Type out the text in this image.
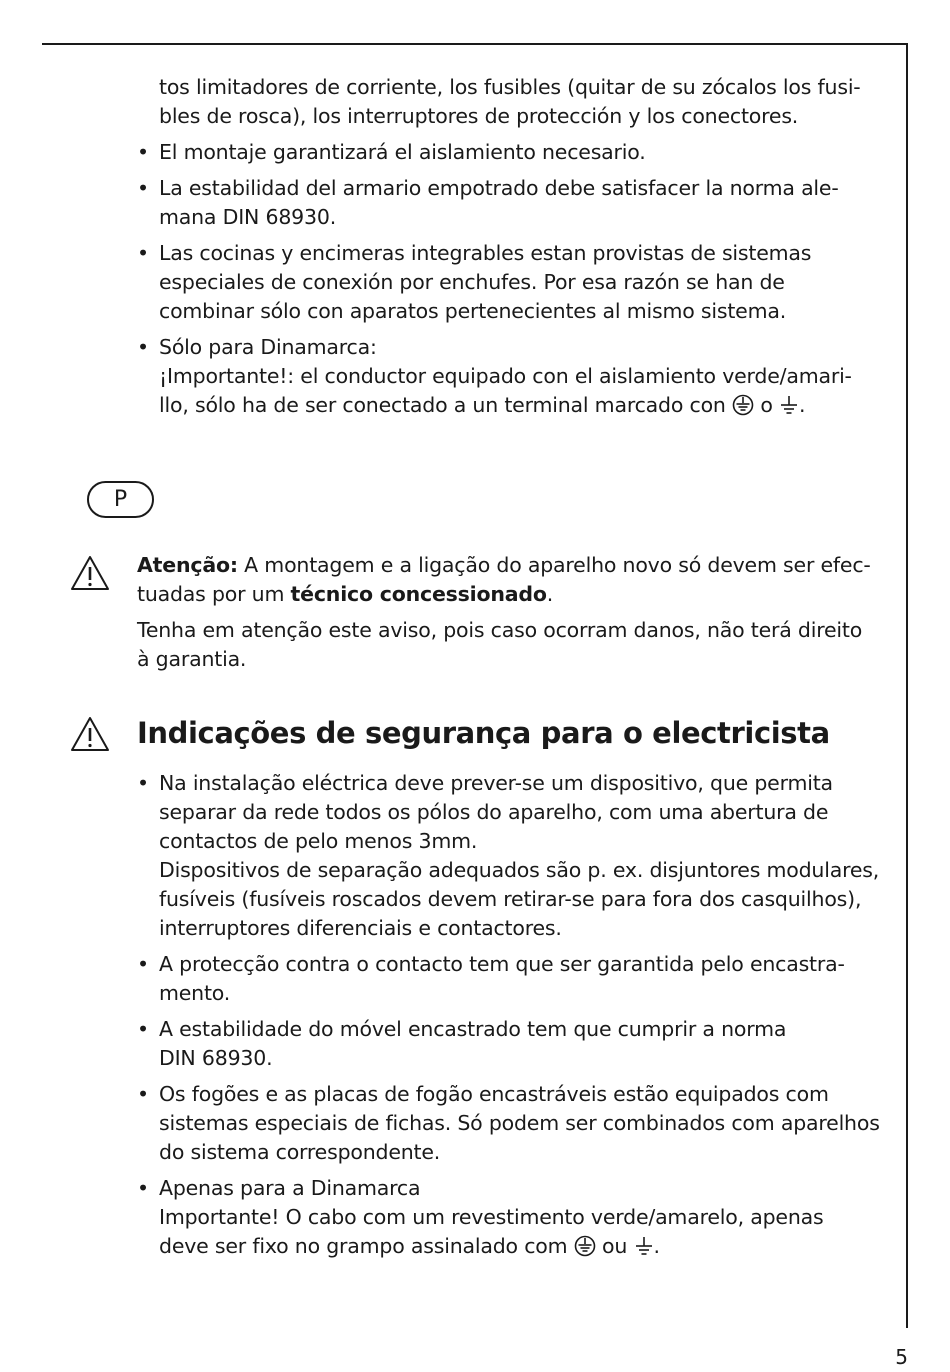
tos limitadores de corriente, los fusibles (quitar de su zócalos los fusi-
bles de rosca), los interruptores de protección y los conectores.
• El montaje garantizará el aislamiento necesario.
• La estabilidad del armario empotrado debe satisfacer la norma ale-
mana DIN 68930.
• Las cocinas y encimeras integrables estan provistas de sistemas
especiales de conexión por enchufes. Por esa razón se han de
combinar sólo con aparatos pertenecientes al mismo sistema.
• Sólo para Dinamarca:
¡Importante!: el conductor equipado con el aislamiento verde/amari-
llo, sólo ha de ser conectado a un terminal marcado con o .
P
Atenção: A montagem e a ligação do aparelho novo só devem ser efec-
tuadas por um técnico concessionado.
Tenha em atenção este aviso, pois caso ocorram danos, não terá direito
à garantia.
Indicações de segurança para o electricista
• Na instalação eléctrica deve prever-se um dispositivo, que permita
separar da rede todos os pólos do aparelho, com uma abertura de
contactos de pelo menos 3mm.
Dispositivos de separação adequados são p. ex. disjuntores modulares,
fusíveis (fusíveis roscados devem retirar-se para fora dos casquilhos),
interruptores diferenciais e contactores.
• A protecção contra o contacto tem que ser garantida pelo encastra-
mento.
• A estabilidade do móvel encastrado tem que cumprir a norma
DIN 68930.
• Os fogões e as placas de fogão encastráveis estão equipados com
sistemas especiais de fichas. Só podem ser combinados com aparelhos
do sistema correspondente.
• Apenas para a Dinamarca
Importante! O cabo com um revestimento verde/amarelo, apenas
deve ser fixo no grampo assinalado com ou .
5
